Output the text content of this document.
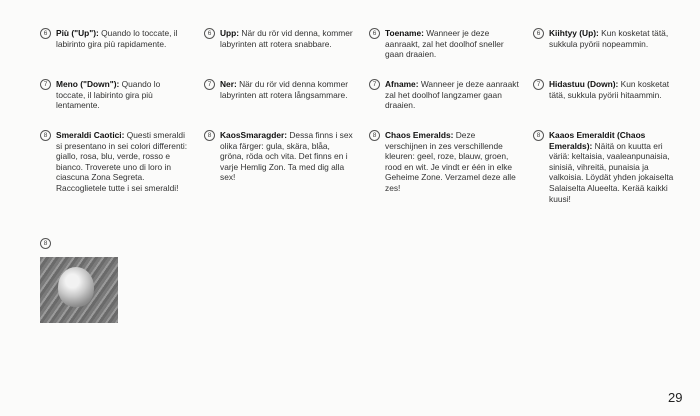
6	Più ("Up"): Quando lo toccate, il labirinto gira più rapidamente.
7	Meno ("Down"): Quando lo toccate, il labirinto gira più lentamente.
8	Smeraldi Caotici: Questi smeraldi si presentano in sei colori differenti: giallo, rosa, blu, verde, rosso e bianco. Troverete uno di loro in ciascuna Zona Segreta. Raccoglietele tutte i sei smeraldi!
6	Upp: När du rör vid denna, kommer labyrinten att rotera snabbare.
7	Ner: När du rör vid denna kommer labyrinten att rotera långsammare.
8	KaosSmaragder: Dessa finns i sex olika färger: gula, skära, blåa, gröna, röda och vita. Det finns en i varje Hemlig Zon. Ta med dig alla sex!
6	Toename: Wanneer je deze aanraakt, zal het doolhof sneller gaan draaien.
7	Afname: Wanneer je deze aanraakt zal het doolhof langzamer gaan draaien.
8	Chaos Emeralds: Deze verschijnen in zes verschillende kleuren: geel, roze, blauw, groen, rood en wit. Je vindt er één in elke Geheime Zone. Verzamel deze alle zes!
6	Kiihtyy (Up): Kun kosketat tätä, sukkula pyörii nopeammin.
7	Hidastuu (Down): Kun kosketat tätä, sukkula pyörii hitaammin.
8	Kaaos Emeraldit (Chaos Emeralds): Näitä on kuutta eri väriä: keltaisia, vaaleanpunaisia, sinisiä, vihreitä, punaisia ja valkoisia. Löydät yhden jokaiselta Salaiselta Alueelta. Kerää kaikki kuusi!
8
29
